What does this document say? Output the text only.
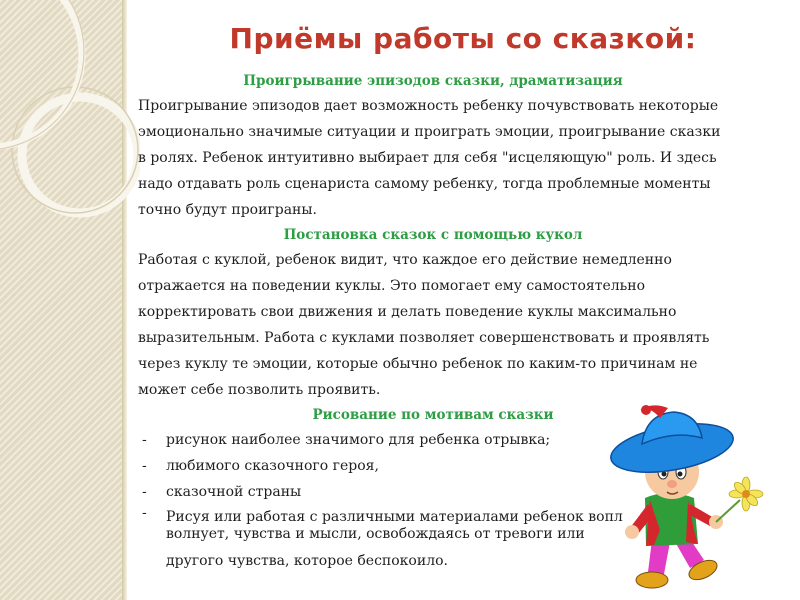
Приёмы работы со сказкой:
Проигрывание эпизодов сказки, драматизация

Проигрывание эпизодов дает возможность ребенку почувствовать некоторые эмоционально значимые ситуации и проиграть эмоции, проигрывание сказки в ролях. Ребенок интуитивно выбирает для себя "исцеляющую" роль. И здесь надо отдавать роль сценариста самому ребенку, тогда проблемные моменты точно будут проиграны.

Постановка сказок с помощью кукол

Работая с куклой, ребенок видит, что каждое его действие немедленно отражается на поведении куклы. Это помогает ему самостоятельно корректировать свои движения и делать поведение куклы максимально выразительным. Работа с куклами позволяет совершенствовать и проявлять через куклу те эмоции, которые обычно ребенок по каким-то причинам не может себе позволить проявить.

Рисование по мотивам сказки
- рисунок наиболее значимого для ребенка отрывка;
- любимого сказочного героя,
- сказочной страны
- Рисуя или работая с различными материалами ребенок вопл
волнует, чувства и мысли, освобождаясь от тревоги или
другого чувства, которое беспокоило.
